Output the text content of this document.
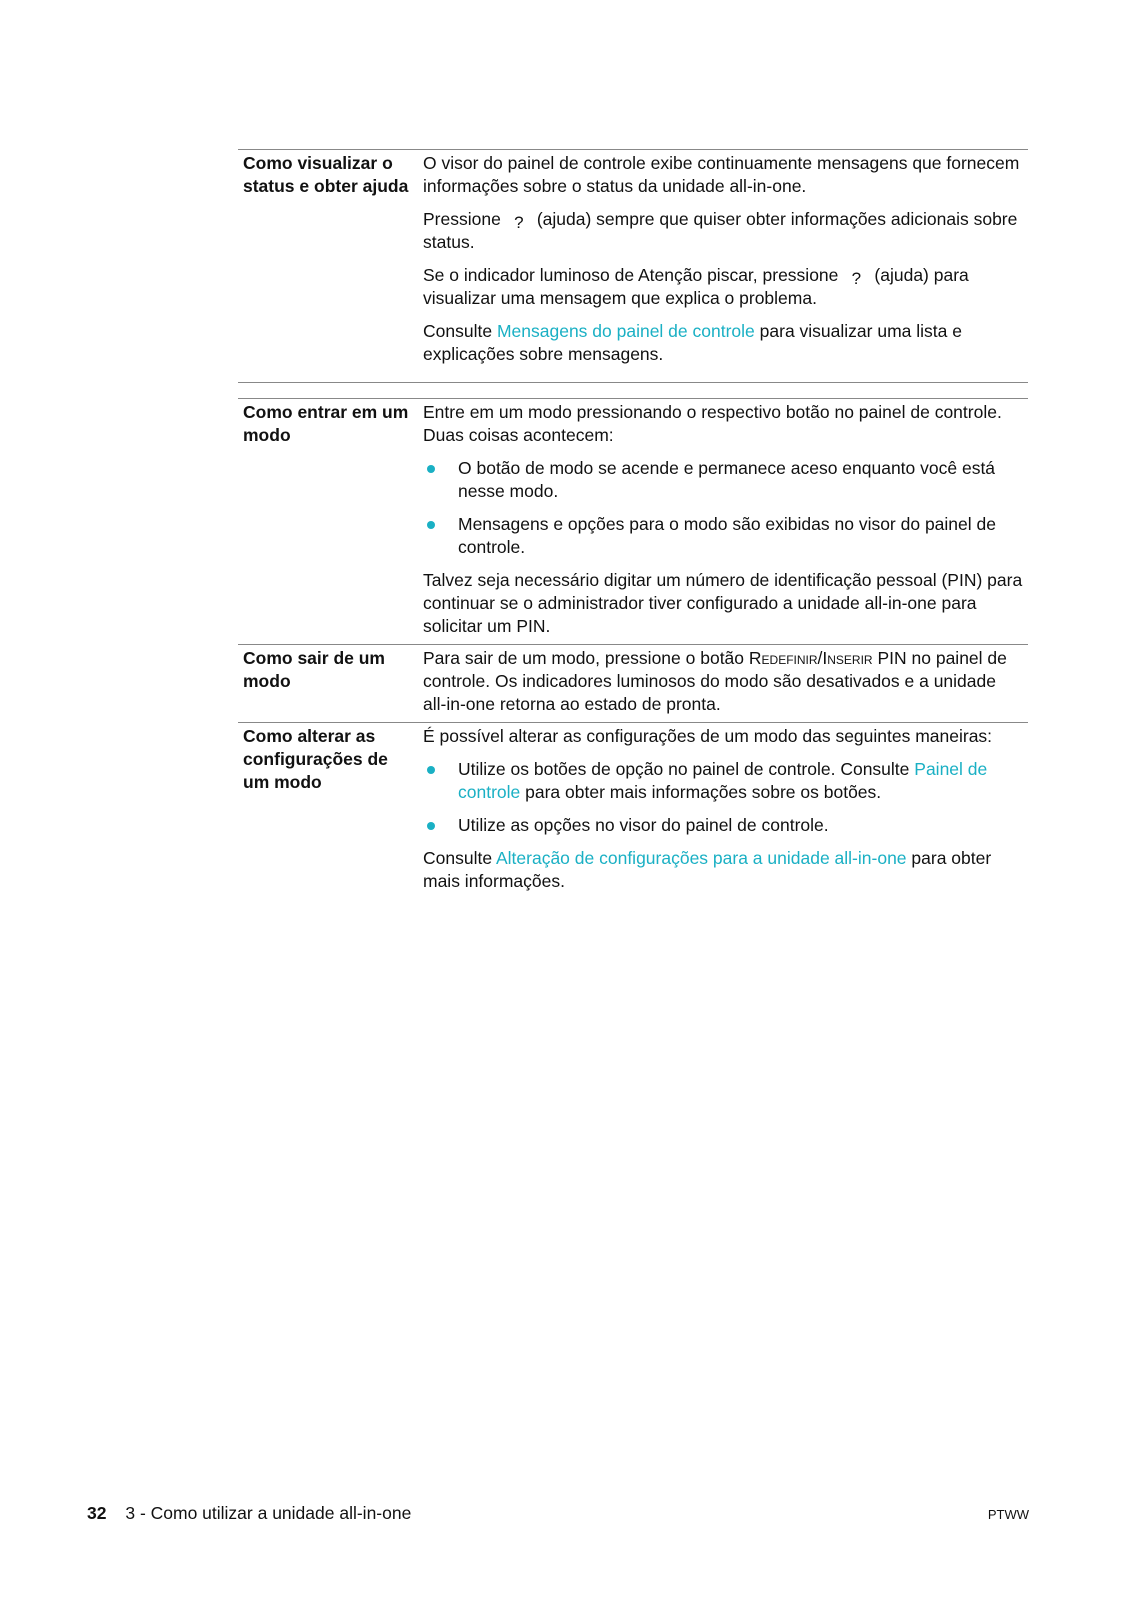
Como visualizar o status e obter ajuda

O visor do painel de controle exibe continuamente mensagens que fornecem informações sobre o status da unidade all-in-one.

Pressione ? (ajuda) sempre que quiser obter informações adicionais sobre status.

Se o indicador luminoso de Atenção piscar, pressione ? (ajuda) para visualizar uma mensagem que explica o problema.

Consulte Mensagens do painel de controle para visualizar uma lista e explicações sobre mensagens.

Como entrar em um modo

Entre em um modo pressionando o respectivo botão no painel de controle. Duas coisas acontecem:

O botão de modo se acende e permanece aceso enquanto você está nesse modo.
Mensagens e opções para o modo são exibidas no visor do painel de controle.

Talvez seja necessário digitar um número de identificação pessoal (PIN) para continuar se o administrador tiver configurado a unidade all-in-one para solicitar um PIN.

Como sair de um modo

Para sair de um modo, pressione o botão Redefinir/Inserir PIN no painel de controle. Os indicadores luminosos do modo são desativados e a unidade all-in-one retorna ao estado de pronta.

Como alterar as configurações de um modo

É possível alterar as configurações de um modo das seguintes maneiras:

Utilize os botões de opção no painel de controle. Consulte Painel de controle para obter mais informações sobre os botões.
Utilize as opções no visor do painel de controle.

Consulte Alteração de configurações para a unidade all-in-one para obter mais informações.

32 3 - Como utilizar a unidade all-in-one	PTWW
